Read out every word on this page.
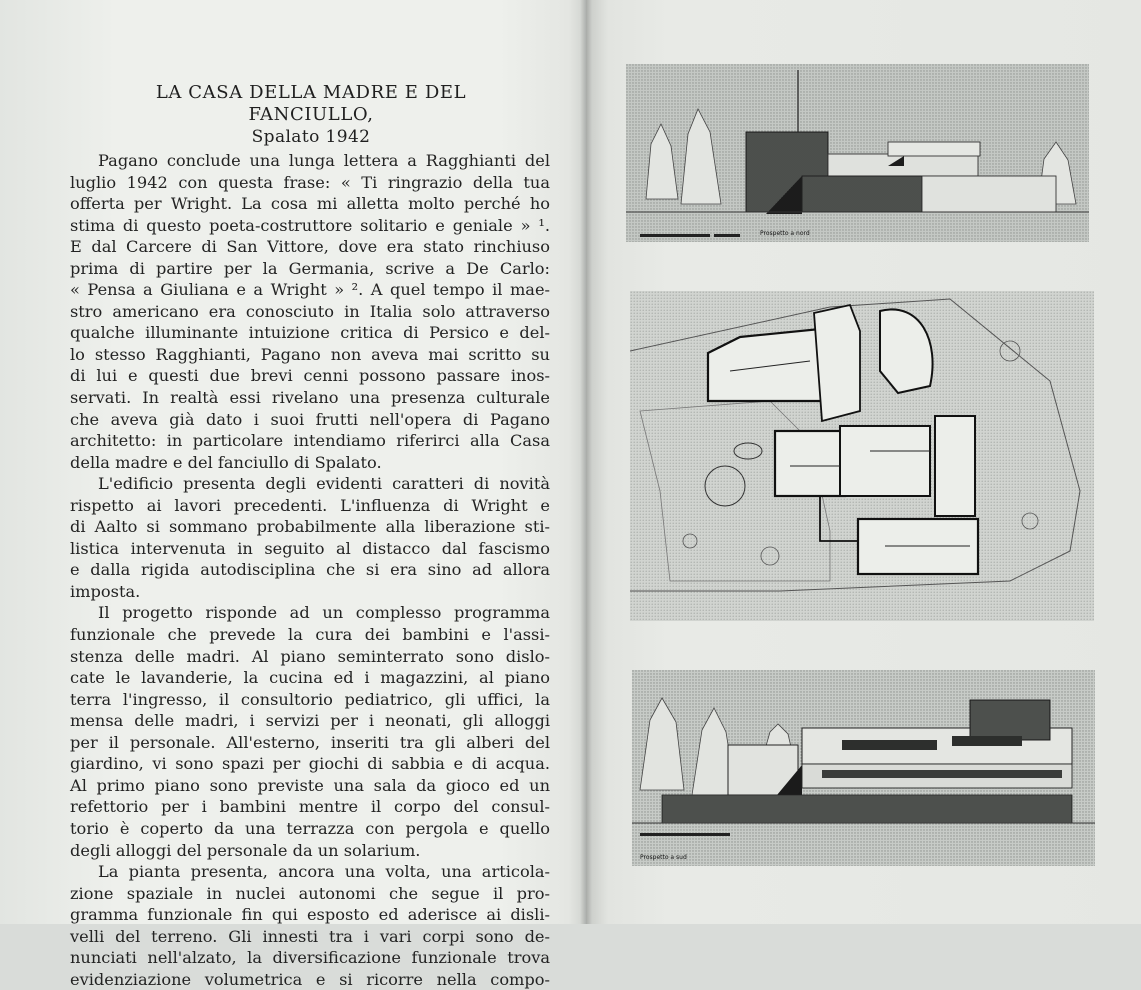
LA CASA DELLA MADRE E DEL FANCIULLO,
Spalato 1942
Pagano conclude una lunga lettera a Ragghianti del
luglio 1942 con questa frase: « Ti ringrazio della tua
offerta per Wright. La cosa mi alletta molto perché ho
stima di questo poeta-costruttore solitario e geniale » ¹.
E dal Carcere di San Vittore, dove era stato rinchiuso
prima di partire per la Germania, scrive a De Carlo:
« Pensa a Giuliana e a Wright » ². A quel tempo il mae-
stro americano era conosciuto in Italia solo attraverso
qualche illuminante intuizione critica di Persico e del-
lo stesso Ragghianti, Pagano non aveva mai scritto su
di lui e questi due brevi cenni possono passare inos-
servati. In realtà essi rivelano una presenza culturale
che aveva già dato i suoi frutti nell'opera di Pagano
architetto: in particolare intendiamo riferirci alla Casa
della madre e del fanciullo di Spalato.
L'edificio presenta degli evidenti caratteri di novità
rispetto ai lavori precedenti. L'influenza di Wright e
di Aalto si sommano probabilmente alla liberazione sti-
listica intervenuta in seguito al distacco dal fascismo
e dalla rigida autodisciplina che si era sino ad allora
imposta.
Il progetto risponde ad un complesso programma
funzionale che prevede la cura dei bambini e l'assi-
stenza delle madri. Al piano seminterrato sono dislo-
cate le lavanderie, la cucina ed i magazzini, al piano
terra l'ingresso, il consultorio pediatrico, gli uffici, la
mensa delle madri, i servizi per i neonati, gli alloggi
per il personale. All'esterno, inseriti tra gli alberi del
giardino, vi sono spazi per giochi di sabbia e di acqua.
Al primo piano sono previste una sala da gioco ed un
refettorio per i bambini mentre il corpo del consul-
torio è coperto da una terrazza con pergola e quello
degli alloggi del personale da un solarium.
La pianta presenta, ancora una volta, una articola-
zione spaziale in nuclei autonomi che segue il pro-
gramma funzionale fin qui esposto ed aderisce ai disli-
velli del terreno. Gli innesti tra i vari corpi sono de-
nunciati nell'alzato, la diversificazione funzionale trova
evidenziazione volumetrica e si ricorre nella compo-
Prospetto a nord
Prospetto a sud
